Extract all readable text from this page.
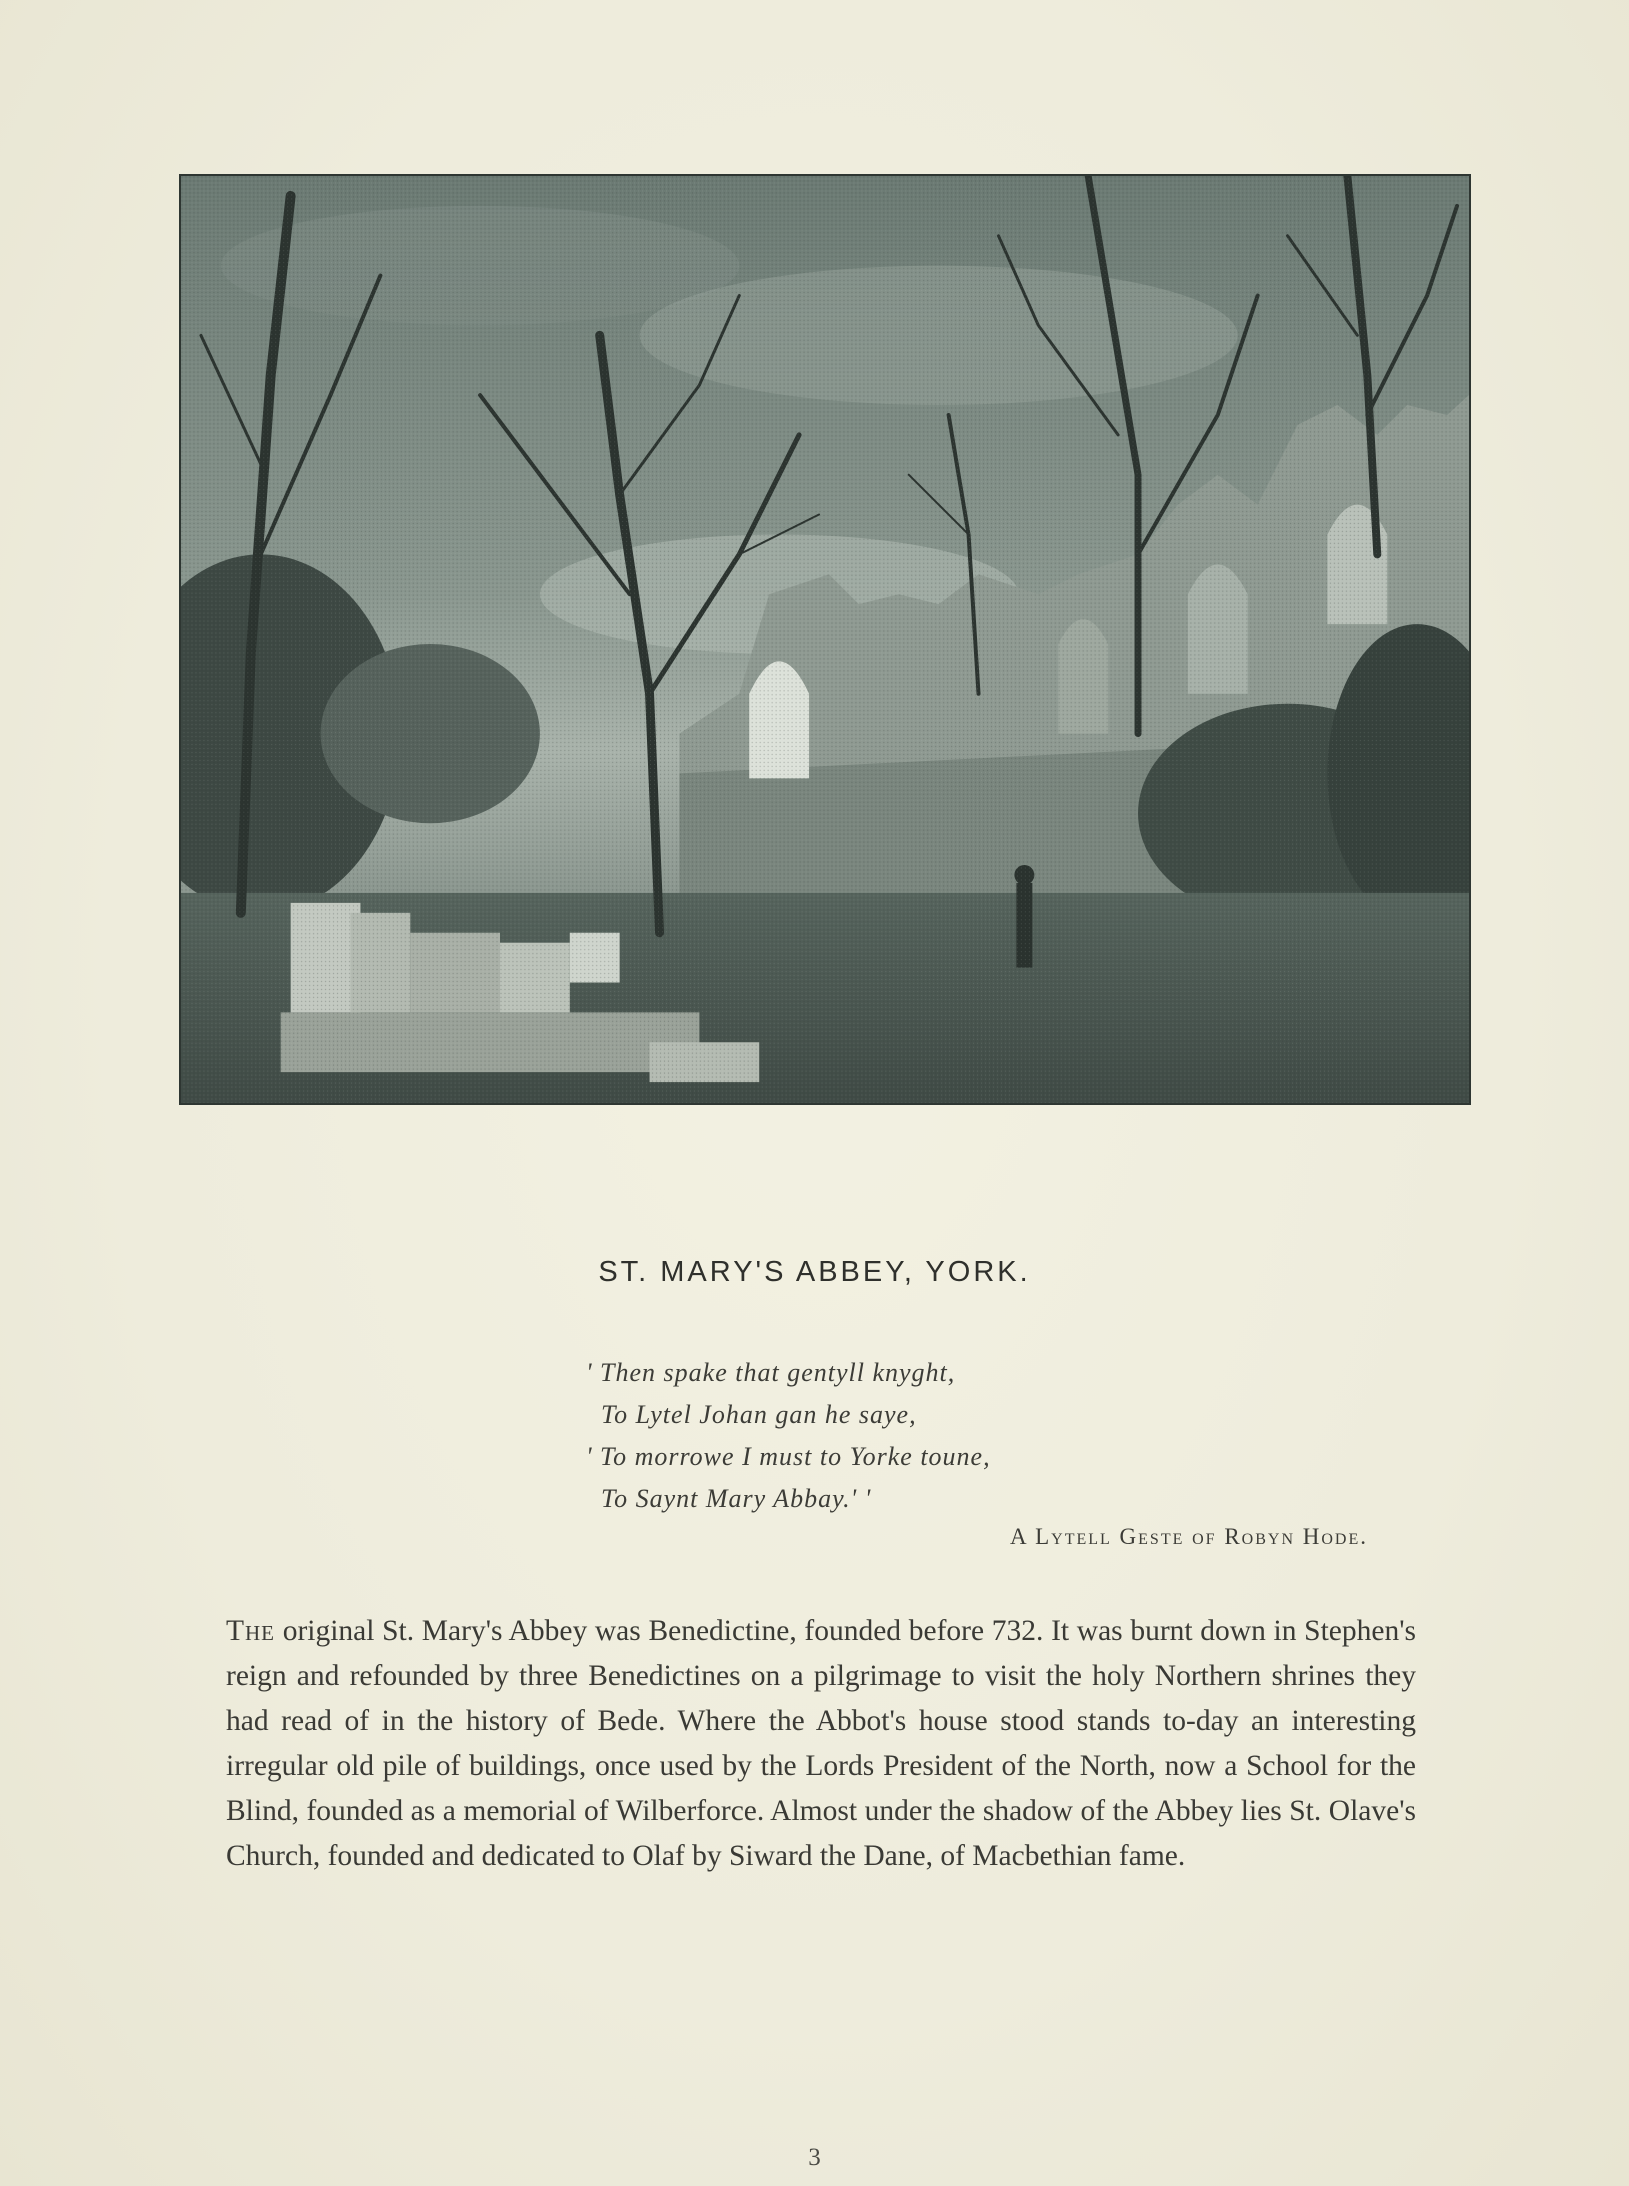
ST. MARY'S ABBEY, YORK.
' Then spake that gentyll knyght,
To Lytel Johan gan he saye,
' To morrowe I must to Yorke toune,
To Saynt Mary Abbay.' '
A Lytell Geste of Robyn Hode.
The original St. Mary's Abbey was Benedictine, founded before 732. It was burnt down in Stephen's reign and refounded by three Benedictines on a pilgrimage to visit the holy Northern shrines they had read of in the history of Bede. Where the Abbot's house stood stands to-day an interesting irregular old pile of buildings, once used by the Lords President of the North, now a School for the Blind, founded as a memorial of Wilberforce. Almost under the shadow of the Abbey lies St. Olave's Church, founded and dedicated to Olaf by Siward the Dane, of Macbethian fame.
3
